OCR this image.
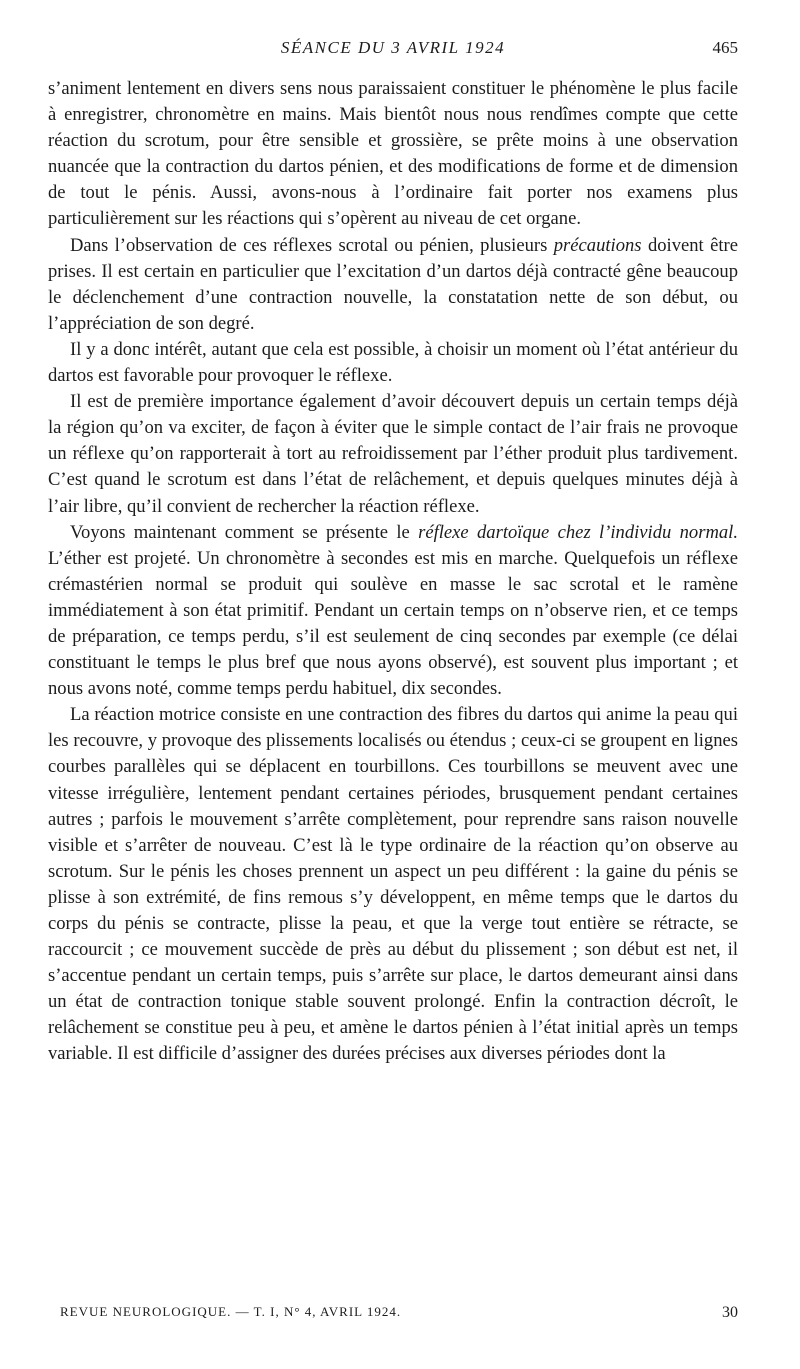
SÉANCE DU 3 AVRIL 1924	465

s’animent lentement en divers sens nous paraissaient constituer le phénomène le plus facile à enregistrer, chronomètre en mains. Mais bientôt nous nous rendîmes compte que cette réaction du scrotum, pour être sensible et grossière, se prête moins à une observation nuancée que la contraction du dartos pénien, et des modifications de forme et de dimension de tout le pénis. Aussi, avons-nous à l’ordinaire fait porter nos examens plus particulièrement sur les réactions qui s’opèrent au niveau de cet organe.

Dans l’observation de ces réflexes scrotal ou pénien, plusieurs précautions doivent être prises. Il est certain en particulier que l’excitation d’un dartos déjà contracté gêne beaucoup le déclenchement d’une contraction nouvelle, la constatation nette de son début, ou l’appréciation de son degré.

Il y a donc intérêt, autant que cela est possible, à choisir un moment où l’état antérieur du dartos est favorable pour provoquer le réflexe.

Il est de première importance également d’avoir découvert depuis un certain temps déjà la région qu’on va exciter, de façon à éviter que le simple contact de l’air frais ne provoque un réflexe qu’on rapporterait à tort au refroidissement par l’éther produit plus tardivement. C’est quand le scrotum est dans l’état de relâchement, et depuis quelques minutes déjà à l’air libre, qu’il convient de rechercher la réaction réflexe.

Voyons maintenant comment se présente le réflexe dartoïque chez l’individu normal. L’éther est projeté. Un chronomètre à secondes est mis en marche. Quelquefois un réflexe crémastérien normal se produit qui soulève en masse le sac scrotal et le ramène immédiatement à son état primitif. Pendant un certain temps on n’observe rien, et ce temps de préparation, ce temps perdu, s’il est seulement de cinq secondes par exemple (ce délai constituant le temps le plus bref que nous ayons observé), est souvent plus important ; et nous avons noté, comme temps perdu habituel, dix secondes.

La réaction motrice consiste en une contraction des fibres du dartos qui anime la peau qui les recouvre, y provoque des plissements localisés ou étendus ; ceux-ci se groupent en lignes courbes parallèles qui se déplacent en tourbillons. Ces tourbillons se meuvent avec une vitesse irrégulière, lentement pendant certaines périodes, brusquement pendant certaines autres ; parfois le mouvement s’arrête complètement, pour reprendre sans raison nouvelle visible et s’arrêter de nouveau. C’est là le type ordinaire de la réaction qu’on observe au scrotum. Sur le pénis les choses prennent un aspect un peu différent : la gaine du pénis se plisse à son extrémité, de fins remous s’y développent, en même temps que le dartos du corps du pénis se contracte, plisse la peau, et que la verge tout entière se rétracte, se raccourcit ; ce mouvement succède de près au début du plissement ; son début est net, il s’accentue pendant un certain temps, puis s’arrête sur place, le dartos demeurant ainsi dans un état de contraction tonique stable souvent prolongé. Enfin la contraction décroît, le relâchement se constitue peu à peu, et amène le dartos pénien à l’état initial après un temps variable. Il est difficile d’assigner des durées précises aux diverses périodes dont la

REVUE NEUROLOGIQUE. — T. I, N° 4, AVRIL 1924.	30
